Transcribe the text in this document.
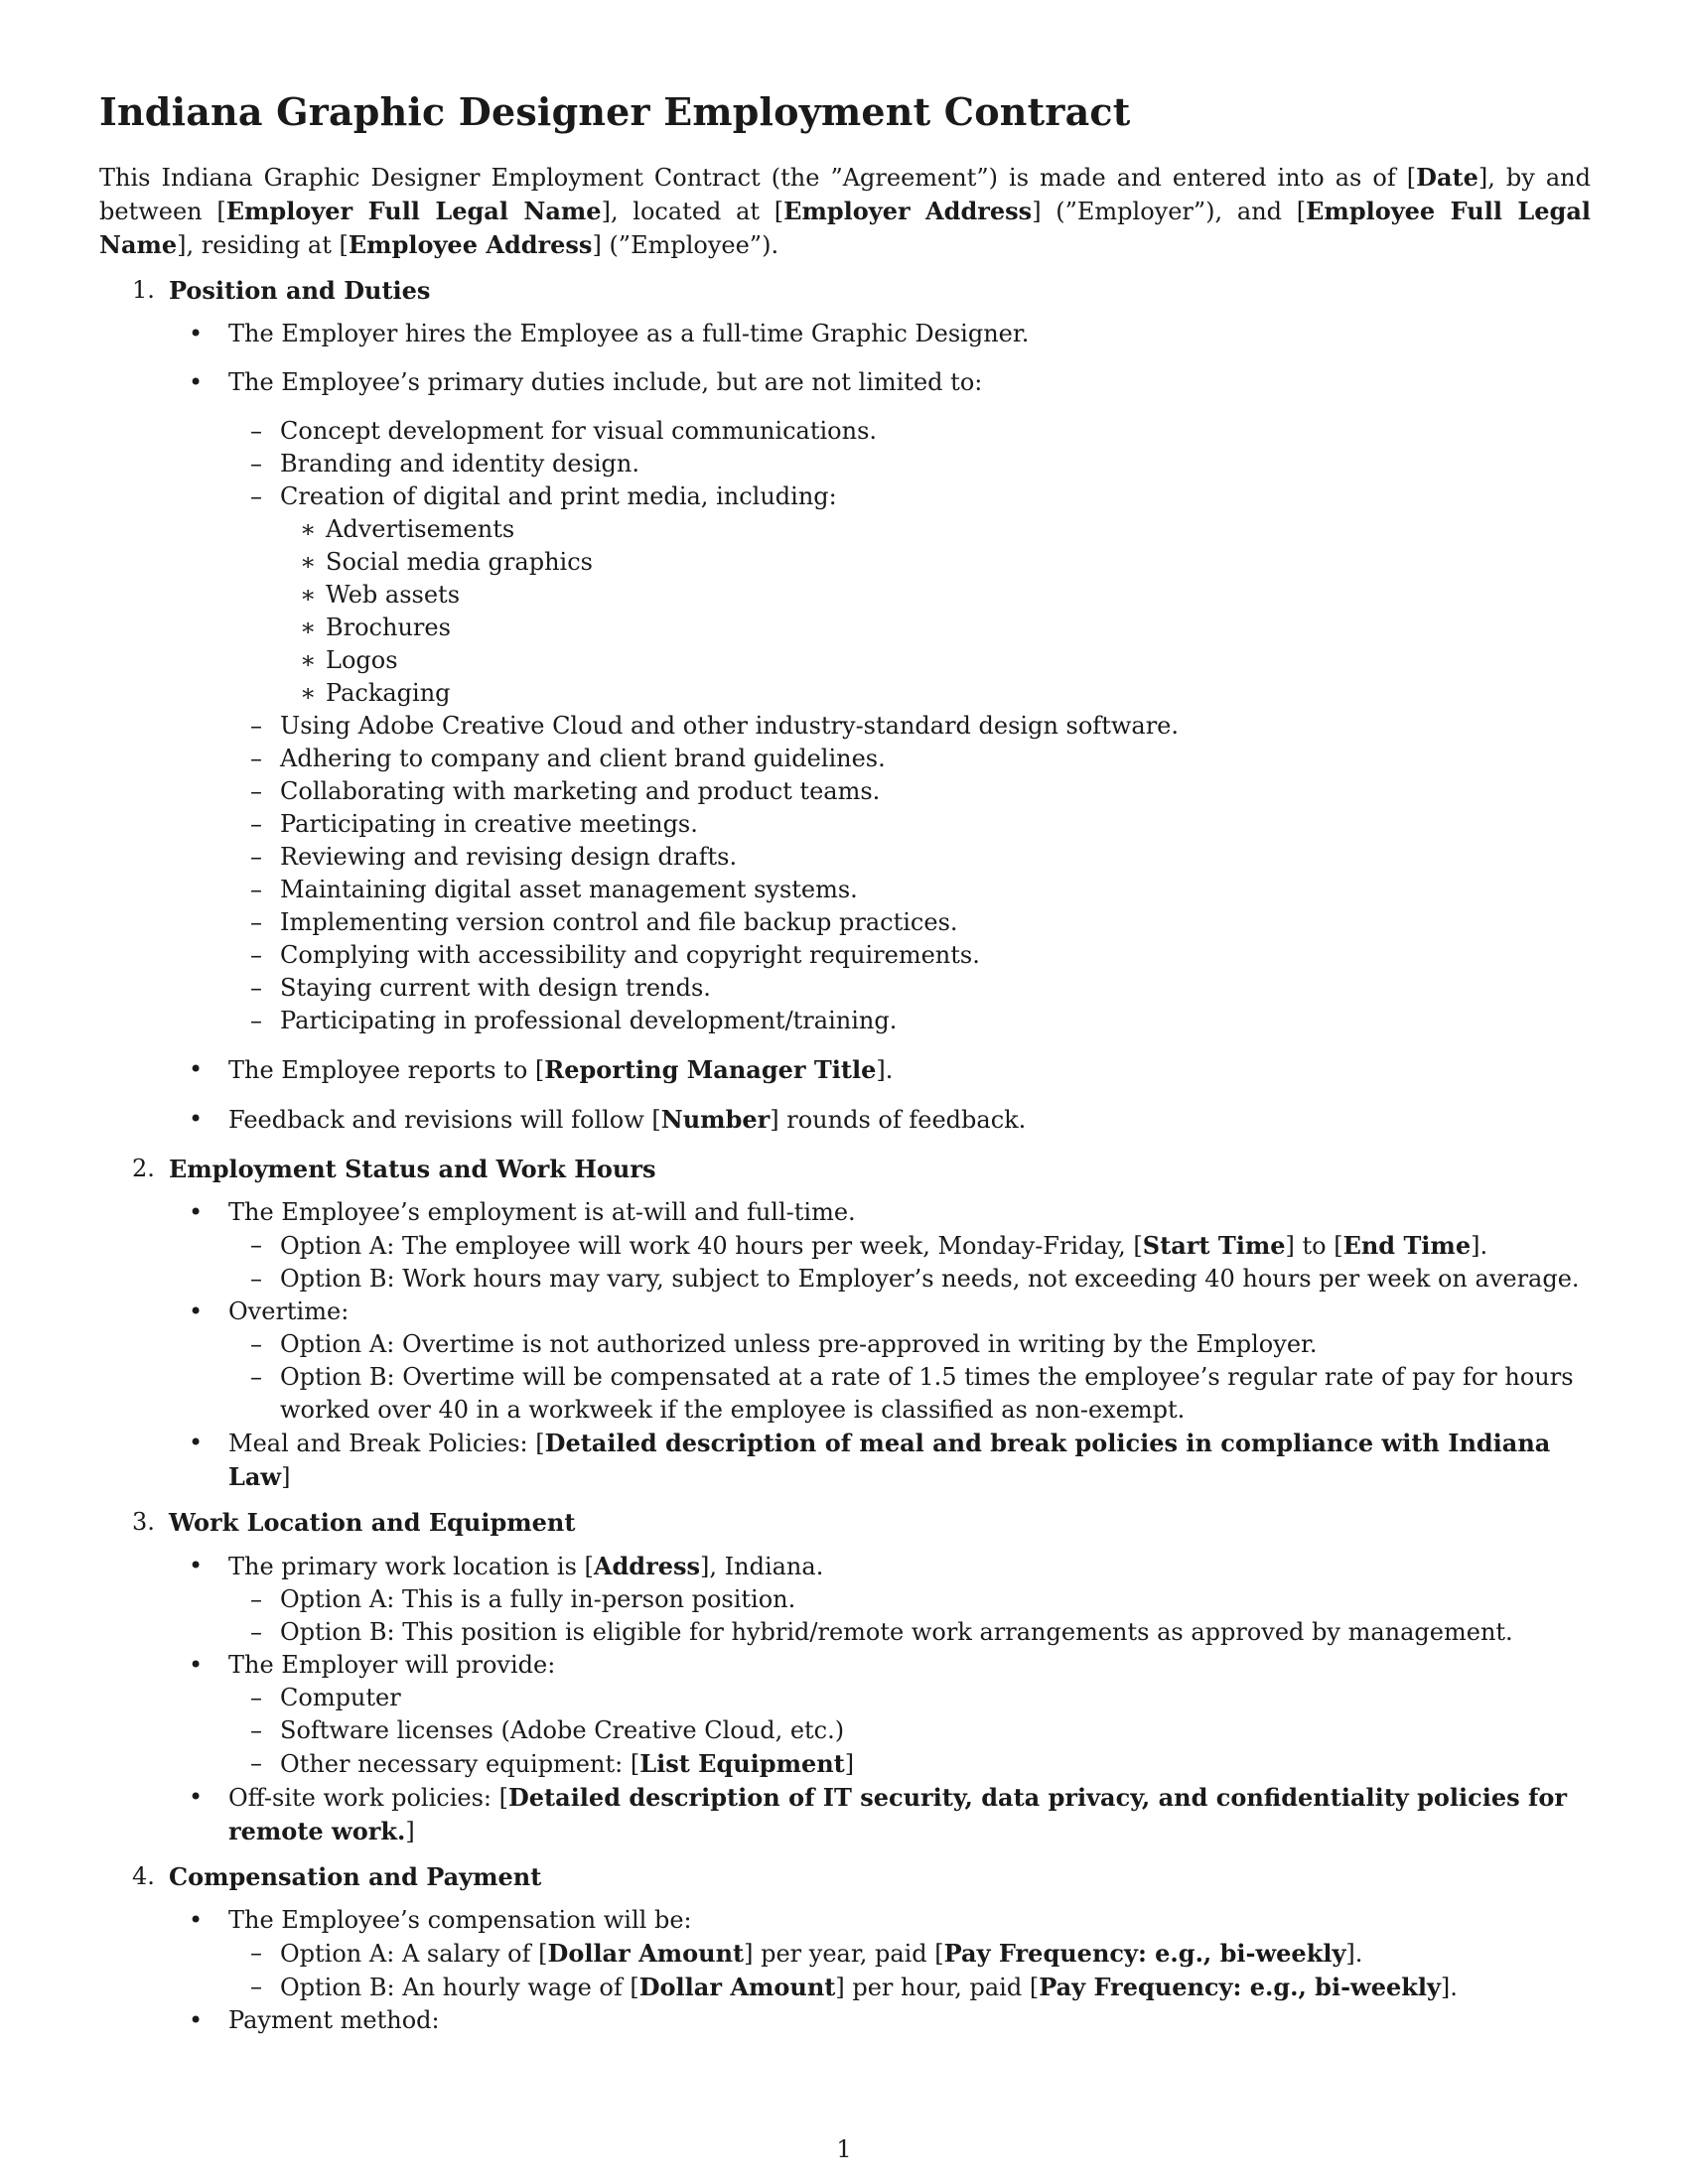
Indiana Graphic Designer Employment Contract

This Indiana Graphic Designer Employment Contract (the ”Agreement”) is made and entered into as of [Date], by and between [Employer Full Legal Name], located at [Employer Address] (”Employer”), and [Employee Full Legal Name], residing at [Employee Address] (”Employee”).

1. Position and Duties
• The Employer hires the Employee as a full-time Graphic Designer.
• The Employee’s primary duties include, but are not limited to:
– Concept development for visual communications.
– Branding and identity design.
– Creation of digital and print media, including:
∗ Advertisements
∗ Social media graphics
∗ Web assets
∗ Brochures
∗ Logos
∗ Packaging
– Using Adobe Creative Cloud and other industry-standard design software.
– Adhering to company and client brand guidelines.
– Collaborating with marketing and product teams.
– Participating in creative meetings.
– Reviewing and revising design drafts.
– Maintaining digital asset management systems.
– Implementing version control and file backup practices.
– Complying with accessibility and copyright requirements.
– Staying current with design trends.
– Participating in professional development/training.
• The Employee reports to [Reporting Manager Title].
• Feedback and revisions will follow [Number] rounds of feedback.
2. Employment Status and Work Hours
• The Employee’s employment is at-will and full-time.
– Option A: The employee will work 40 hours per week, Monday-Friday, [Start Time] to [End Time].
– Option B: Work hours may vary, subject to Employer’s needs, not exceeding 40 hours per week on average.
• Overtime:
– Option A: Overtime is not authorized unless pre-approved in writing by the Employer.
– Option B: Overtime will be compensated at a rate of 1.5 times the employee’s regular rate of pay for hours worked over 40 in a workweek if the employee is classified as non-exempt.
• Meal and Break Policies: [Detailed description of meal and break policies in compliance with Indiana Law]
3. Work Location and Equipment
• The primary work location is [Address], Indiana.
– Option A: This is a fully in-person position.
– Option B: This position is eligible for hybrid/remote work arrangements as approved by management.
• The Employer will provide:
– Computer
– Software licenses (Adobe Creative Cloud, etc.)
– Other necessary equipment: [List Equipment]
• Off-site work policies: [Detailed description of IT security, data privacy, and confidentiality policies for remote work.]
4. Compensation and Payment
• The Employee’s compensation will be:
– Option A: A salary of [Dollar Amount] per year, paid [Pay Frequency: e.g., bi-weekly].
– Option B: An hourly wage of [Dollar Amount] per hour, paid [Pay Frequency: e.g., bi-weekly].
• Payment method:
1
